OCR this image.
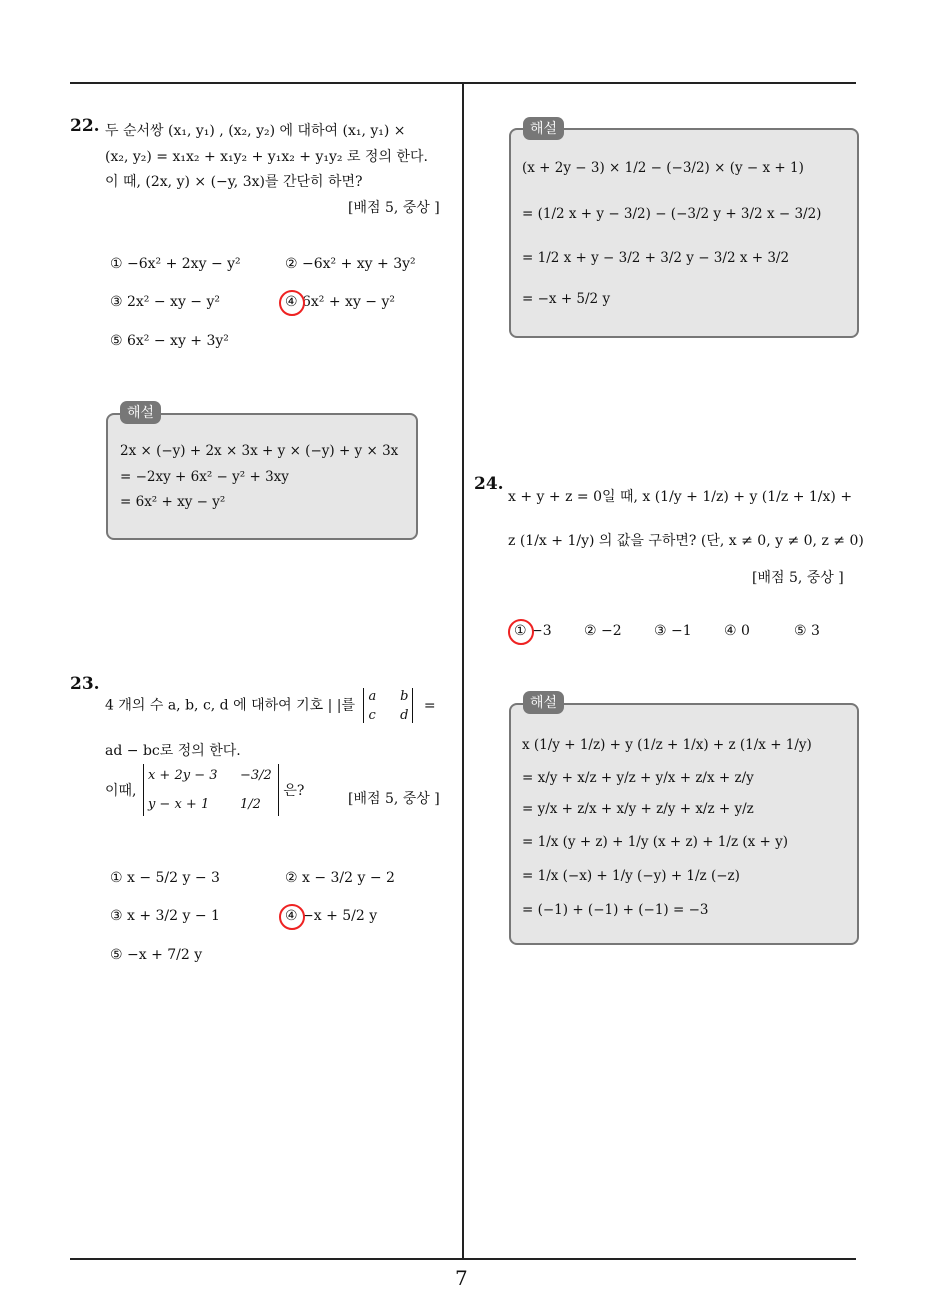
7
22. 두 순서쌍 (x₁, y₁) , (x₂, y₂) 에 대하여 (x₁, y₁) ×
(x₂, y₂) = x₁x₂ + x₁y₂ + y₁x₂ + y₁y₂ 로 정의 한다.
이 때, (2x, y) × (−y, 3x)를 간단히 하면?
[배점 5, 중상 ]
① −6x² + 2xy − y²	② −6x² + xy + 3y²
③ 2x² − xy − y²	④ 6x² + xy − y²
⑤ 6x² − xy + 3y²
해설
2x × (−y) + 2x × 3x + y × (−y) + y × 3x
= −2xy + 6x² − y² + 3xy
= 6x² + xy − y²
23.
4 개의 수 a, b, c, d 에 대하여 기호 | |를
a	b
c	d
=
ad − bc로 정의 한다.
이때,
x + 2y − 3	−3/2
y − x + 1	1/2
은?	[배점 5, 중상 ]
① x − 5/2 y − 3	② x − 3/2 y − 2
③ x + 3/2 y − 1	④ −x + 5/2 y
⑤ −x + 7/2 y
해설
(x + 2y − 3) × 1/2 − (−3/2) × (y − x + 1)
= (1/2 x + y − 3/2) − (−3/2 y + 3/2 x − 3/2)
= 1/2 x + y − 3/2 + 3/2 y − 3/2 x + 3/2
= −x + 5/2 y
24.
x + y + z = 0일 때, x (1/y + 1/z) + y (1/z + 1/x) +
z (1/x + 1/y) 의 값을 구하면? (단, x ≠ 0, y ≠ 0, z ≠ 0)
[배점 5, 중상 ]
① −3 ② −2 ③ −1 ④ 0	⑤ 3
해설
x (1/y + 1/z) + y (1/z + 1/x) + z (1/x + 1/y)
= x/y + x/z + y/z + y/x + z/x + z/y
= y/x + z/x + x/y + z/y + x/z + y/z
= 1/x (y + z) + 1/y (x + z) + 1/z (x + y)
= 1/x (−x) + 1/y (−y) + 1/z (−z)
= (−1) + (−1) + (−1) = −3
